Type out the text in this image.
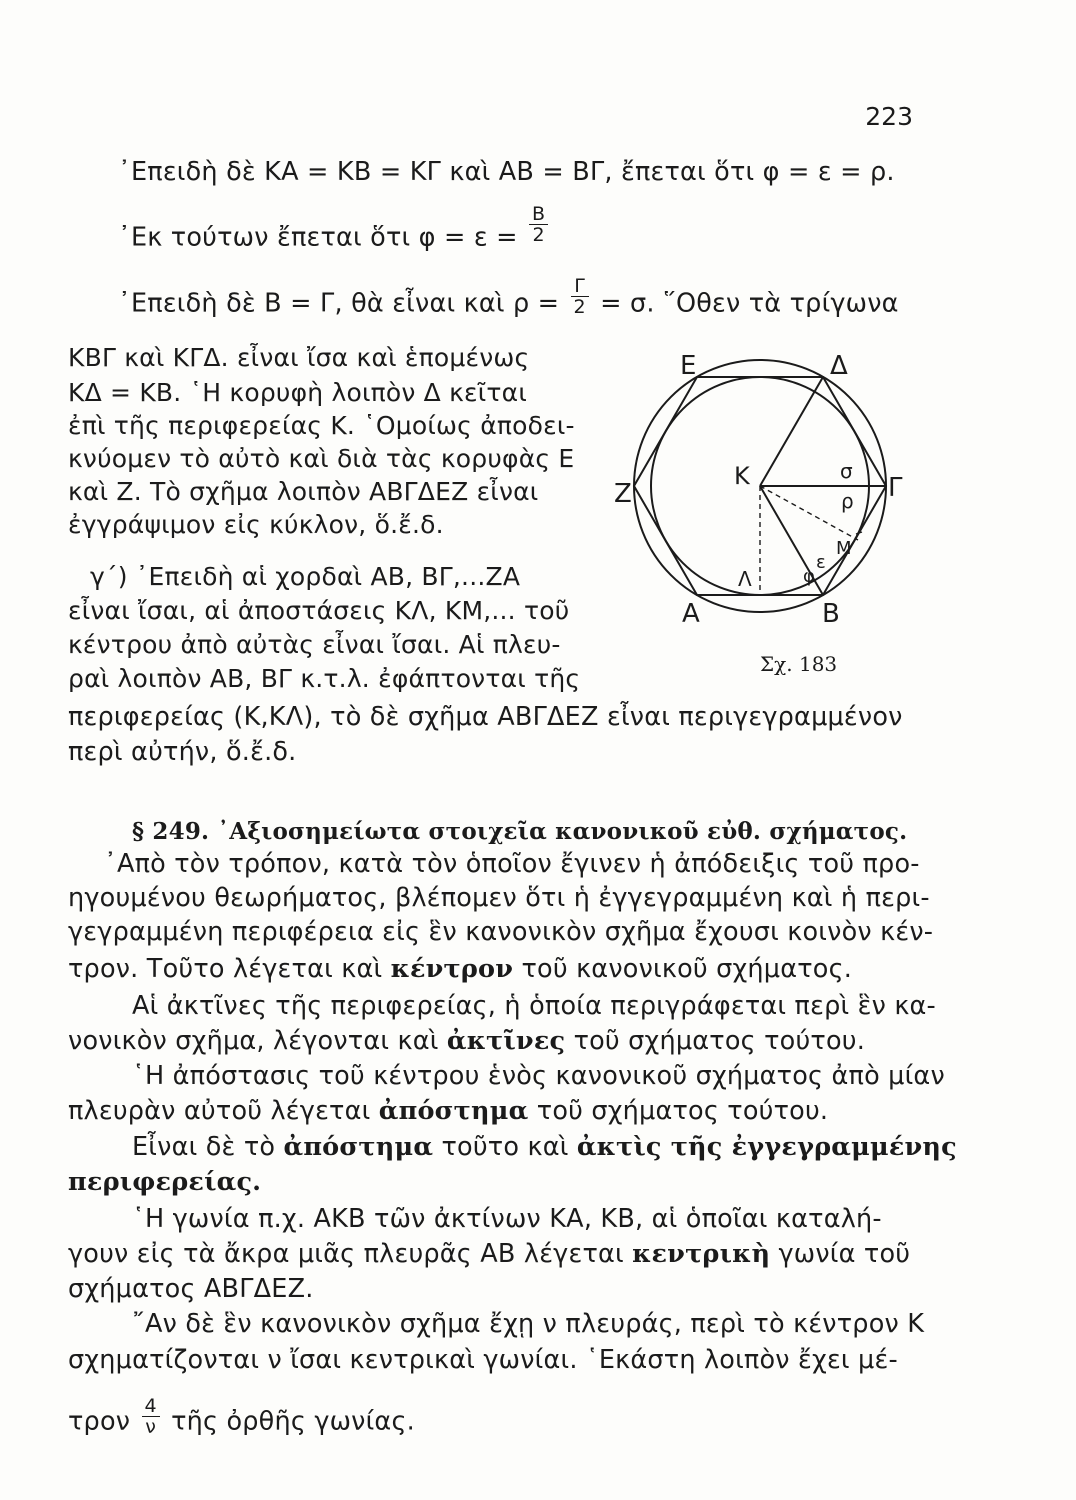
223
᾿Επειδὴ δὲ ΚΑ = ΚΒ = ΚΓ καὶ ΑΒ = ΒΓ, ἔπεται ὅτι φ = ε = ρ.
᾿Εκ τούτων ἔπεται ὅτι $\varphi = \varepsilon = \frac{B}{2}$
᾿Επειδὴ δὲ Β = Γ, θὰ εἶναι καὶ $\rho = \frac{\Gamma}{2} = \sigma$. ῞Οθεν τὰ τρίγωνα
ΚΒΓ καὶ ΚΓΔ. εἶναι ἴσα καὶ ἑπομένως
ΚΔ = ΚΒ. ῾Η κορυφὴ λοιπὸν Δ κεῖται
ἐπὶ τῆς περιφερείας Κ. ῾Ομοίως ἀποδει-
κνύομεν τὸ αὐτὸ καὶ διὰ τὰς κορυφὰς Ε
καὶ Ζ. Τὸ σχῆμα λοιπὸν ΑΒΓΔΕΖ εἶναι
ἐγγράψιμον εἰς κύκλον, ὅ.ἔ.δ.
γ΄) ᾿Επειδὴ αἱ χορδαὶ ΑΒ, ΒΓ,...ΖΑ
εἶναι ἴσαι, αἱ ἀποστάσεις ΚΛ, ΚΜ,... τοῦ
κέντρου ἀπὸ αὐτὰς εἶναι ἴσαι. Αἱ πλευ-
ραὶ λοιπὸν ΑΒ, ΒΓ κ.τ.λ. ἐφάπτονται τῆς
περιφερείας (Κ,ΚΛ), τὸ δὲ σχῆμα ΑΒΓΔΕΖ εἶναι περιγεγραμμένον
περὶ αὐτήν, ὅ.ἔ.δ.
Ε	Δ
Ζ	Γ
Α	Β
Κ	σ
ρ
Μ
ε
φ
Λ
Σχ. 183
§ 249. ᾿Αξιοσημείωτα στοιχεῖα κανονικοῦ εὐθ. σχήματος.
᾿Απὸ τὸν τρόπον, κατὰ τὸν ὁποῖον ἔγινεν ἡ ἀπόδειξις τοῦ προ-
ηγουμένου θεωρήματος, βλέπομεν ὅτι ἡ ἐγγεγραμμένη καὶ ἡ περι-
γεγραμμένη περιφέρεια εἰς ἓν κανονικὸν σχῆμα ἔχουσι κοινὸν κέν-
τρον. Τοῦτο λέγεται καὶ κέντρον τοῦ κανονικοῦ σχήματος.
Αἱ ἀκτῖνες τῆς περιφερείας, ἡ ὁποία περιγράφεται περὶ ἓν κα-
νονικὸν σχῆμα, λέγονται καὶ ἀκτῖνες τοῦ σχήματος τούτου.
῾Η ἀπόστασις τοῦ κέντρου ἑνὸς κανονικοῦ σχήματος ἀπὸ μίαν
πλευρὰν αὐτοῦ λέγεται ἀπόστημα τοῦ σχήματος τούτου.
Εἶναι δὲ τὸ ἀπόστημα τοῦτο καὶ ἀκτὶς τῆς ἐγγεγραμμένης
περιφερείας.
῾Η γωνία π.χ. ΑΚΒ τῶν ἀκτίνων ΚΑ, ΚΒ, αἱ ὁποῖαι καταλή-
γουν εἰς τὰ ἄκρα μιᾶς πλευρᾶς ΑΒ λέγεται κεντρικὴ γωνία τοῦ
σχήματος ΑΒΓΔΕΖ.
῎Αν δὲ ἓν κανονικὸν σχῆμα ἔχῃ ν πλευράς, περὶ τὸ κέντρον Κ
σχηματίζονται ν ἴσαι κεντρικαὶ γωνίαι. ῾Εκάστη λοιπὸν ἔχει μέ-
τρον $\frac{4}{\nu}$ τῆς ὀρθῆς γωνίας.
